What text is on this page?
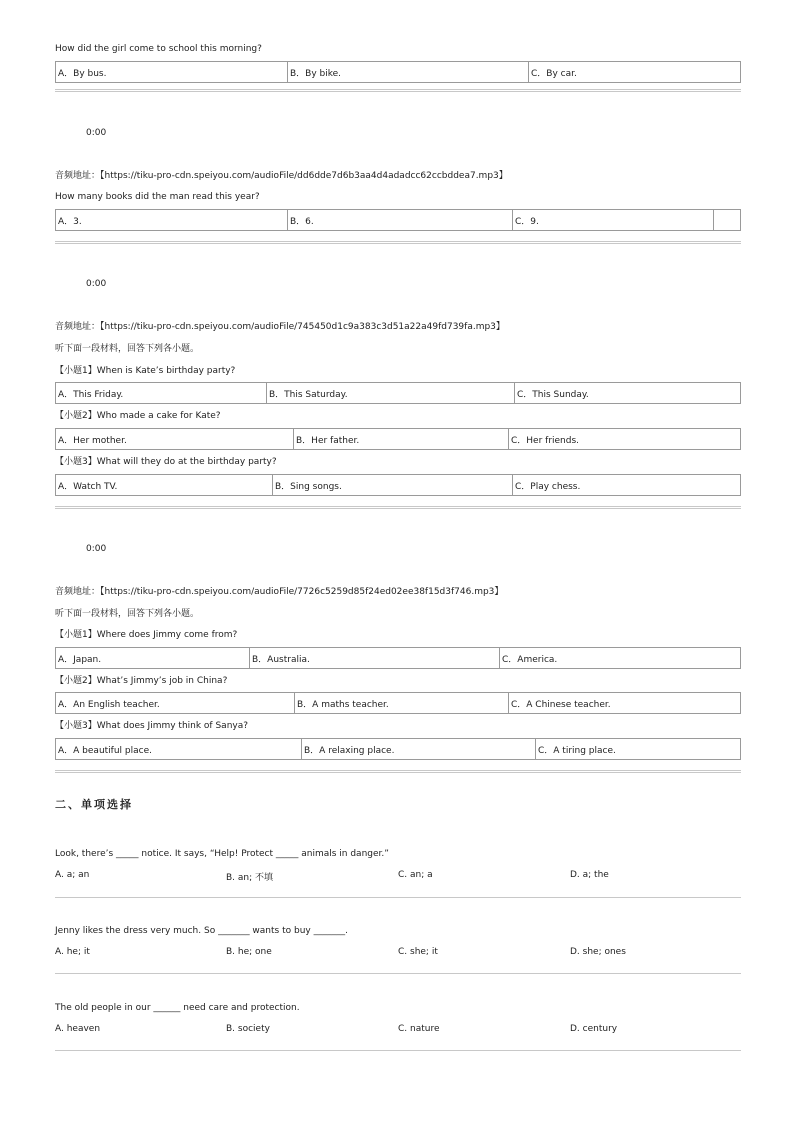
How did the girl come to school this morning?
A．By bus.	B．By bike.	C．By car.
0:00
音频地址：【https://tiku-pro-cdn.speiyou.com/audioFile/dd6dde7d6b3aa4d4adadcc62ccbddea7.mp3】
How many books did the man read this year?
A．3.	B．6.	C．9.
0:00
音频地址：【https://tiku-pro-cdn.speiyou.com/audioFile/745450d1c9a383c3d51a22a49fd739fa.mp3】
听下面一段材料，回答下列各小题。
【小题1】When is Kate’s birthday party?
A．This Friday.	B．This Saturday.	C．This Sunday.
【小题2】Who made a cake for Kate?
A．Her mother.	B．Her father.	C．Her friends.
【小题3】What will they do at the birthday party?
A．Watch TV.	B．Sing songs.	C．Play chess.
0:00
音频地址：【https://tiku-pro-cdn.speiyou.com/audioFile/7726c5259d85f24ed02ee38f15d3f746.mp3】
听下面一段材料，回答下列各小题。
【小题1】Where does Jimmy come from?
A．Japan.	B．Australia.	C．America.
【小题2】What’s Jimmy’s job in China?
A．An English teacher.	B．A maths teacher.	C．A Chinese teacher.
【小题3】What does Jimmy think of Sanya?
A．A beautiful place.	B．A relaxing place.	C．A tiring place.
二、单项选择
Look, there’s _____ notice. It says, “Help! Protect _____ animals in danger.”
A. a; an	B. an; 不填	C. an; a	D. a; the
Jenny likes the dress very much. So _______ wants to buy _______.
A. he; it	B. he; one	C. she; it	D. she; ones
The old people in our ______ need care and protection.
A. heaven	B. society	C. nature	D. century
